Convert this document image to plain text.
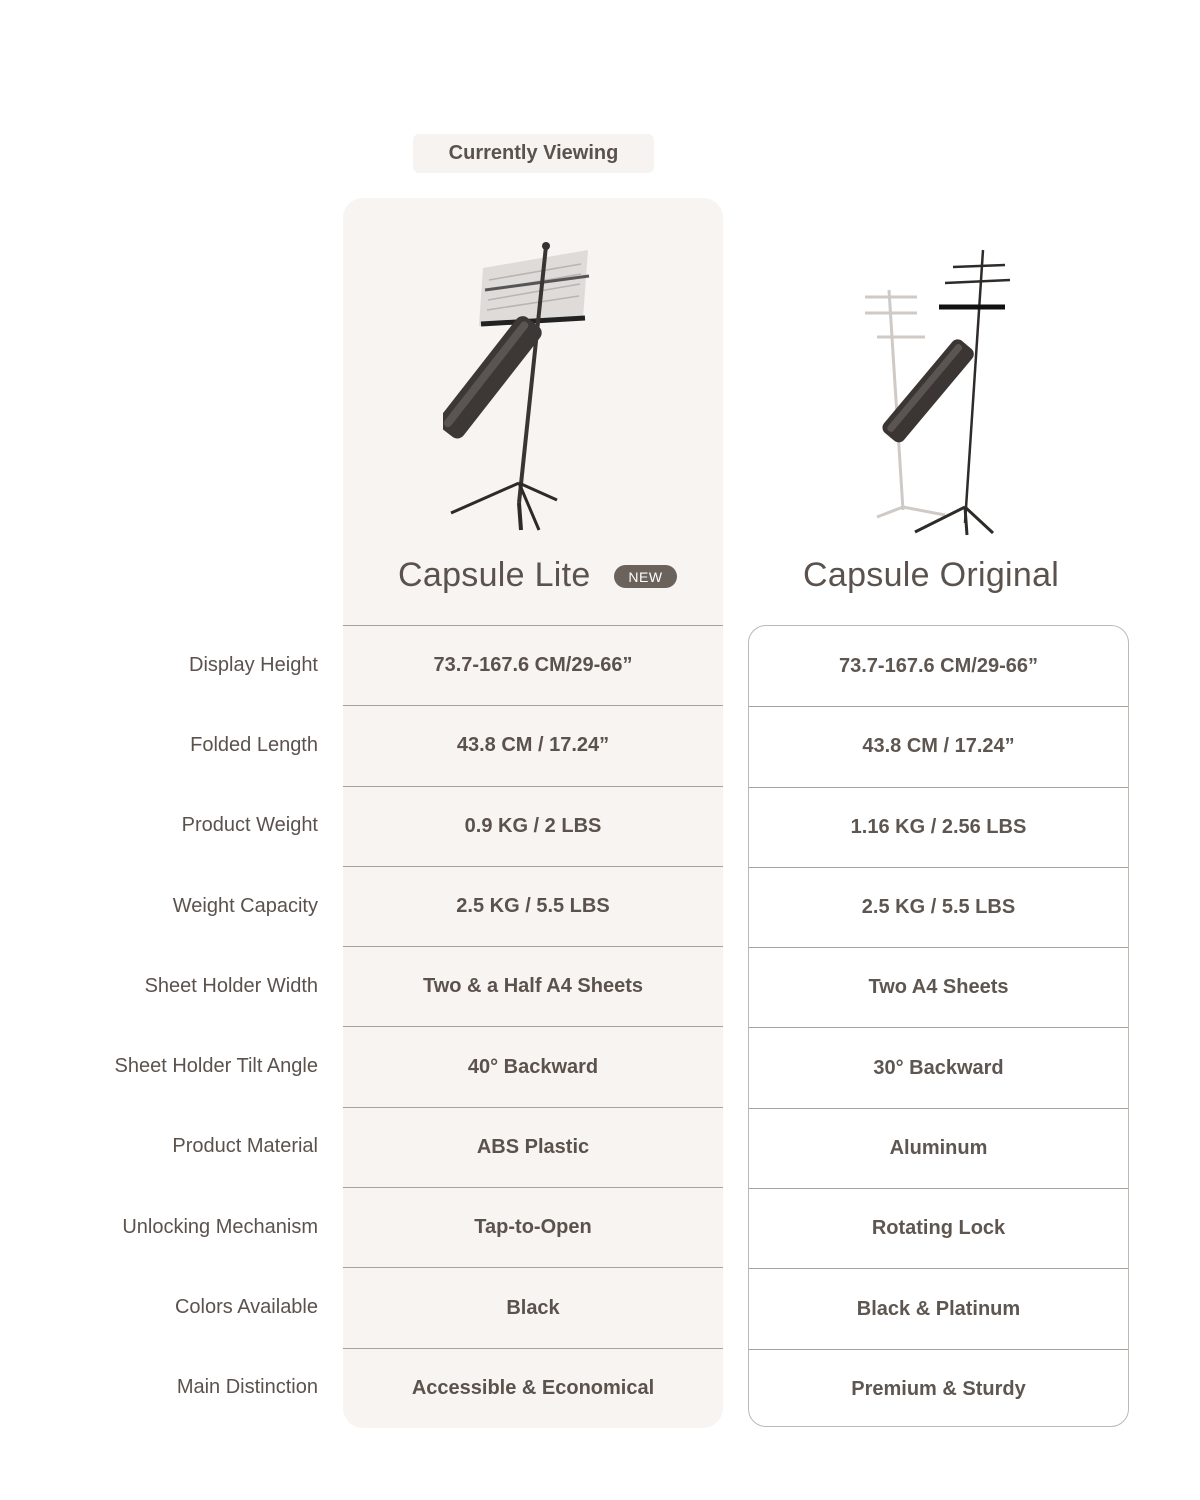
Currently Viewing
73.7-167.6 CM/29-66”
43.8 CM / 17.24”
0.9 KG / 2 LBS
2.5 KG / 5.5 LBS
Two & a Half A4 Sheets
40° Backward
ABS Plastic
Tap-to-Open
Black
Accessible & Economical
Capsule Lite	NEW	Capsule Original
73.7-167.6 CM/29-66”
43.8 CM / 17.24”
1.16 KG / 2.56 LBS
2.5 KG / 5.5 LBS
Two A4 Sheets
30° Backward
Aluminum
Rotating Lock
Black & Platinum
Premium & Sturdy
Display Height
Folded Length
Product Weight
Weight Capacity
Sheet Holder Width
Sheet Holder Tilt Angle
Product Material
Unlocking Mechanism
Colors Available
Main Distinction
